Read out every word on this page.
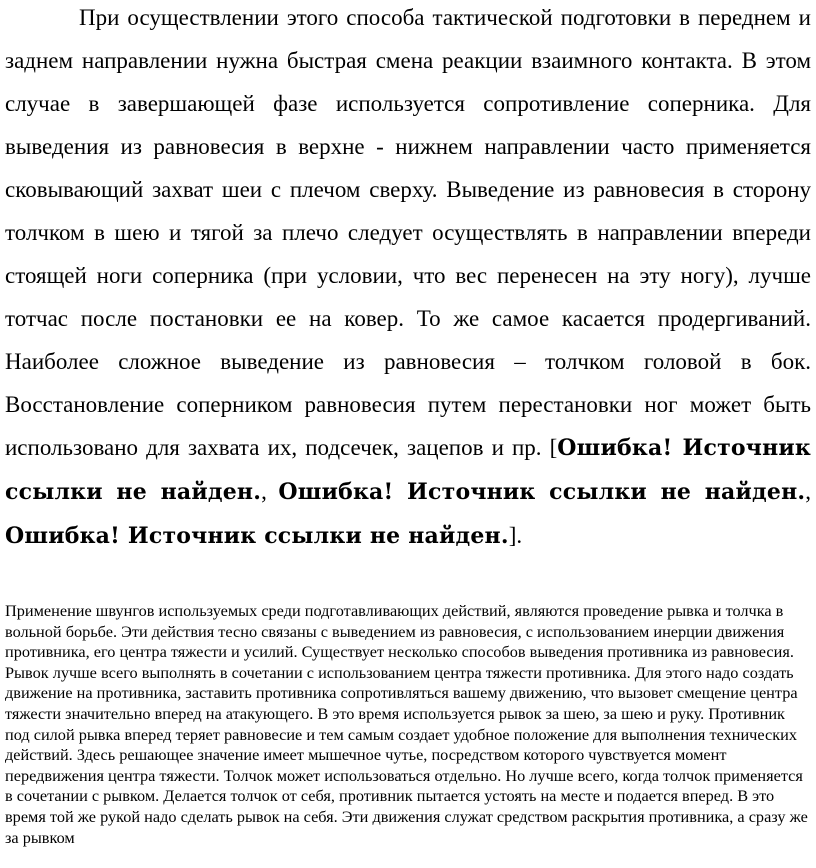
При осуществлении этого способа тактической подготовки в переднем и заднем направлении нужна быстрая смена реакции взаимного контакта. В этом случае в завершающей фазе используется сопротивление соперника. Для выведения из равновесия в верхне - нижнем направлении часто применяется сковывающий захват шеи с плечом сверху. Выведение из равновесия в сторону толчком в шею и тягой за плечо следует осуществлять в направлении впереди стоящей ноги соперника (при условии, что вес перенесен на эту ногу), лучше тотчас после постановки ее на ковер. То же самое касается продергиваний. Наиболее сложное выведение из равновесия – толчком головой в бок. Восстановление соперником равновесия путем перестановки ног может быть использовано для захвата их, подсечек, зацепов и пр. [Ошибка! Источник ссылки не найден., Ошибка! Источник ссылки не найден., Ошибка! Источник ссылки не найден.].

Применение швунгов используемых среди подготавливающих действий, являются проведение рывка и толчка в вольной борьбе. Эти действия тесно связаны с выведением из равновесия, с использованием инерции движения противника, его центра тяжести и усилий. Существует несколько способов выведения противника из равновесия. Рывок лучше всего выполнять в сочетании с использованием центра тяжести противника. Для этого надо создать движение на противника, заставить противника сопротивляться вашему движению, что вызовет смещение центра тяжести значительно вперед на атакующего. В это время используется рывок за шею, за шею и руку. Противник под силой рывка вперед теряет равновесие и тем самым создает удобное положение для выполнения технических действий. Здесь решающее значение имеет мышечное чутье, посредством которого чувствуется момент передвижения центра тяжести. Толчок может использоваться отдельно. Но лучше всего, когда толчок применяется в сочетании с рывком. Делается толчок от себя, противник пытается устоять на месте и подается вперед. В это время той же рукой надо сделать рывок на себя. Эти движения служат средством раскрытия противника, а сразу же за рывком
